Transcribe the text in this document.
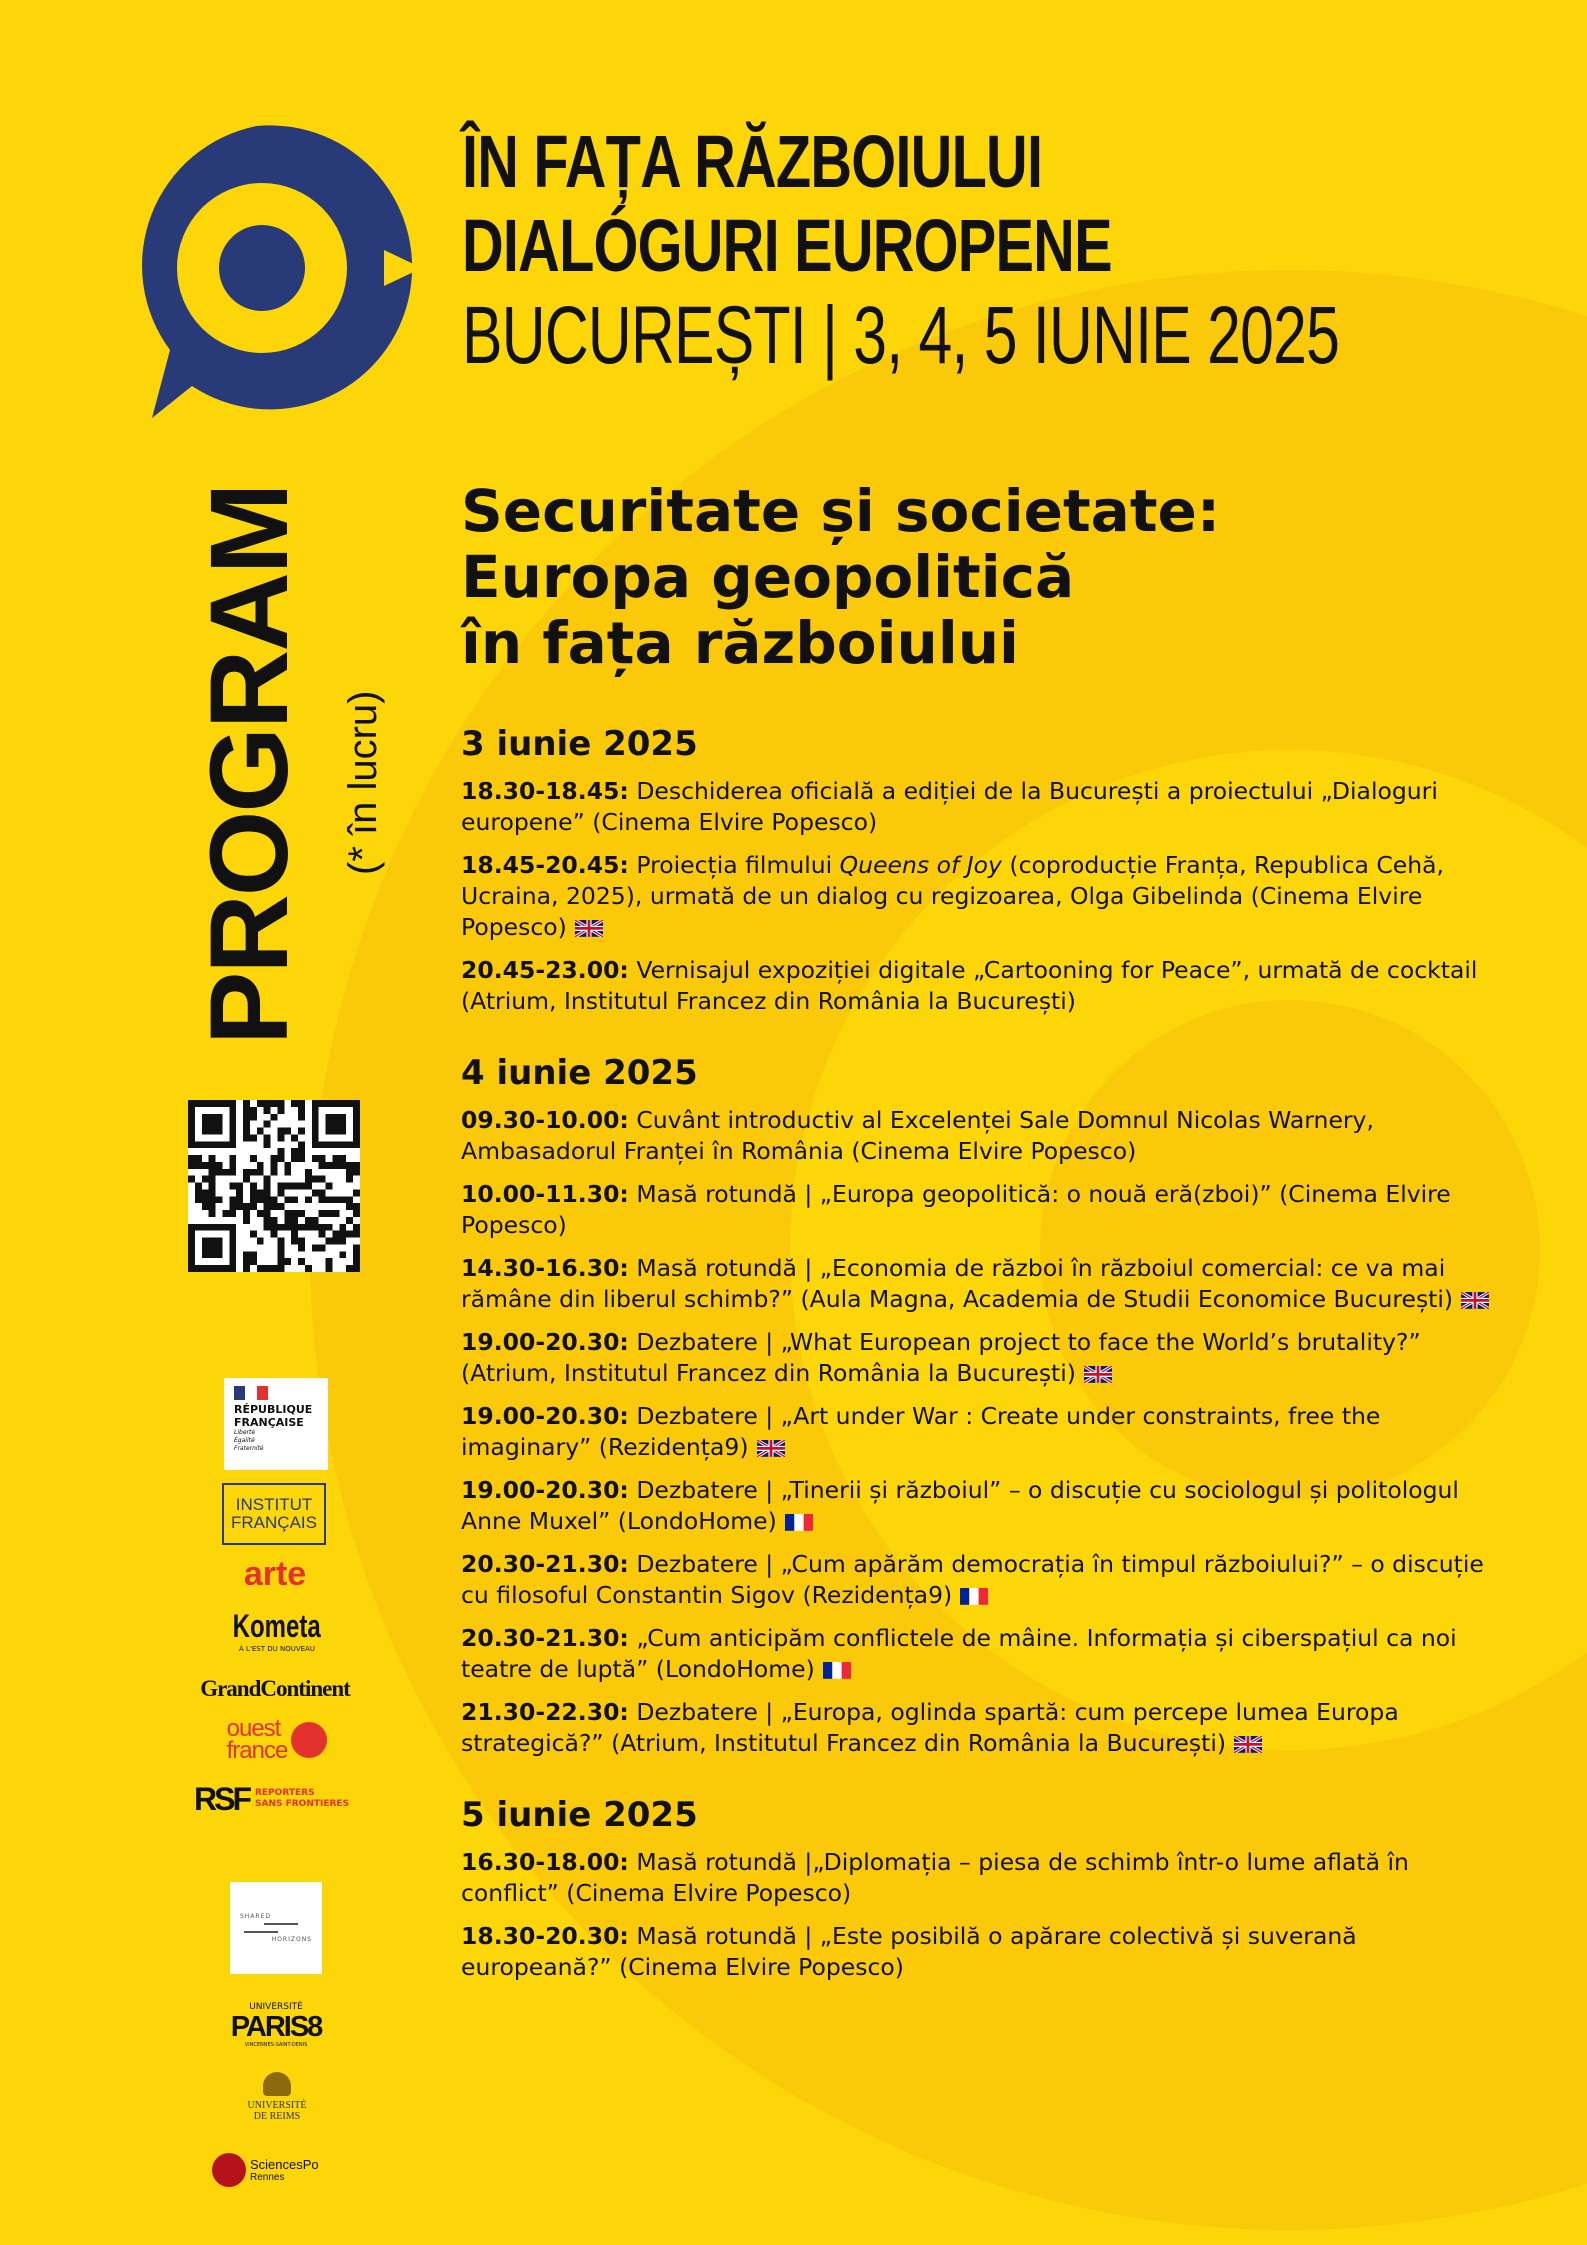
ÎN FAȚA RĂZBOIULUI
DIALÓGURI EUROPENE
BUCUREȘTI | 3, 4, 5 IUNIE 2025
PROGRAM (* în lucru)
RÉPUBLIQUE
FRANÇAISE
Liberté
Égalité
Fraternité
INSTITUT
FRANÇAIS
arte
Kometa
À L'EST DU NOUVEAU
GrandContinent
ouest
france
RSF REPORTERS
SANS FRONTIERES
SHARED
HORIZONS
UNIVERSITÉ
PARIS8
VINCENNES-SAINT-DENIS
UNIVERSITÉ
DE REIMS
SciencesPo
Rennes
Securitate și societate:
Europa geopolitică
în fața războiului
3 iunie 2025
18.30-18.45: Deschiderea oficială a ediției de la București a proiectului „Dialoguri europene” (Cinema Elvire Popesco)
18.45-20.45: Proiecția filmului Queens of Joy (coproducție Franța, Republica Cehă, Ucraina, 2025), urmată de un dialog cu regizoarea, Olga Gibelinda (Cinema Elvire Popesco)
20.45-23.00: Vernisajul expoziției digitale „Cartooning for Peace”, urmată de cocktail (Atrium, Institutul Francez din România la București)
4 iunie 2025
09.30-10.00: Cuvânt introductiv al Excelenței Sale Domnul Nicolas Warnery, Ambasadorul Franței în România (Cinema Elvire Popesco)
10.00-11.30: Masă rotundă | „Europa geopolitică: o nouă eră(zboi)” (Cinema Elvire Popesco)
14.30-16.30: Masă rotundă | „Economia de război în războiul comercial: ce va mai rămâne din liberul schimb?” (Aula Magna, Academia de Studii Economice București)
19.00-20.30: Dezbatere | „What European project to face the World’s brutality?” (Atrium, Institutul Francez din România la București)
19.00-20.30: Dezbatere | „Art under War : Create under constraints, free the imaginary” (Rezidența9)
19.00-20.30: Dezbatere | „Tinerii și războiul” – o discuție cu sociologul și politologul Anne Muxel” (LondoHome)
20.30-21.30: Dezbatere | „Cum apărăm democrația în timpul războiului?” – o discuție cu filosoful Constantin Sigov (Rezidența9)
20.30-21.30: „Cum anticipăm conflictele de mâine. Informația și ciberspațiul ca noi teatre de luptă” (LondoHome)
21.30-22.30: Dezbatere | „Europa, oglinda spartă: cum percepe lumea Europa strategică?” (Atrium, Institutul Francez din România la București)
5 iunie 2025
16.30-18.00: Masă rotundă |„Diplomația – piesa de schimb într-o lume aflată în conflict” (Cinema Elvire Popesco)
18.30-20.30: Masă rotundă | „Este posibilă o apărare colectivă și suverană europeană?” (Cinema Elvire Popesco)
